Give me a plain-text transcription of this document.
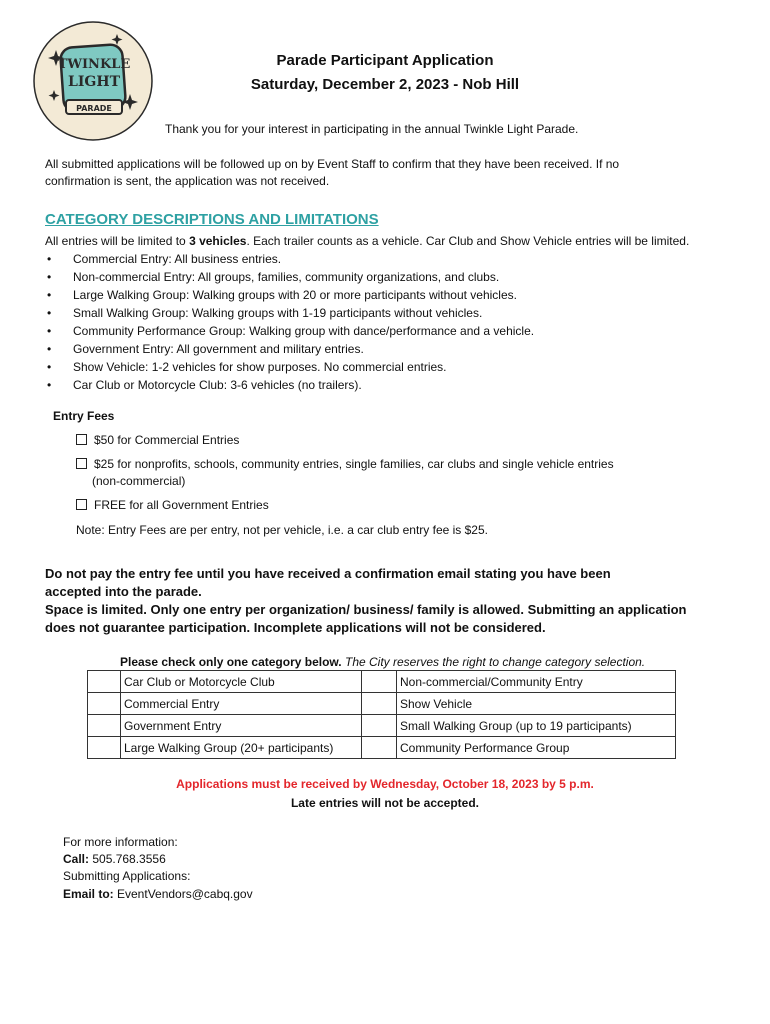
TWINKLE
LIGHT
PARADE
Parade Participant Application
Saturday, December 2, 2023 - Nob Hill
Thank you for your interest in participating in the annual Twinkle Light Parade.
All submitted applications will be followed up on by Event Staff to confirm that they have been received. If no
confirmation is sent, the application was not received.
CATEGORY DESCRIPTIONS AND LIMITATIONS
All entries will be limited to 3 vehicles. Each trailer counts as a vehicle. Car Club and Show Vehicle entries will be limited.
• Commercial Entry: All business entries.
• Non-commercial Entry: All groups, families, community organizations, and clubs.
• Large Walking Group: Walking groups with 20 or more participants without vehicles.
• Small Walking Group: Walking groups with 1-19 participants without vehicles.
• Community Performance Group: Walking group with dance/performance and a vehicle.
• Government Entry: All government and military entries.
• Show Vehicle: 1-2 vehicles for show purposes. No commercial entries.
• Car Club or Motorcycle Club: 3-6 vehicles (no trailers).
Entry Fees
$50 for Commercial Entries
$25 for nonprofits, schools, community entries, single families, car clubs and single vehicle entries
(non-commercial)
FREE for all Government Entries
Note: Entry Fees are per entry, not per vehicle, i.e. a car club entry fee is $25.
Do not pay the entry fee until you have received a confirmation email stating you have been
accepted into the parade.
Space is limited. Only one entry per organization/ business/ family is allowed. Submitting an application
does not guarantee participation. Incomplete applications will not be considered.
Please check only one category below. The City reserves the right to change category selection.
	Car Club or Motorcycle Club		Non-commercial/Community Entry
	Commercial Entry		Show Vehicle
	Government Entry		Small Walking Group (up to 19 participants)
	Large Walking Group (20+ participants)		Community Performance Group
Applications must be received by Wednesday, October 18, 2023 by 5 p.m.
Late entries will not be accepted.
For more information:
Call: 505.768.3556
Submitting Applications:
Email to: EventVendors@cabq.gov
